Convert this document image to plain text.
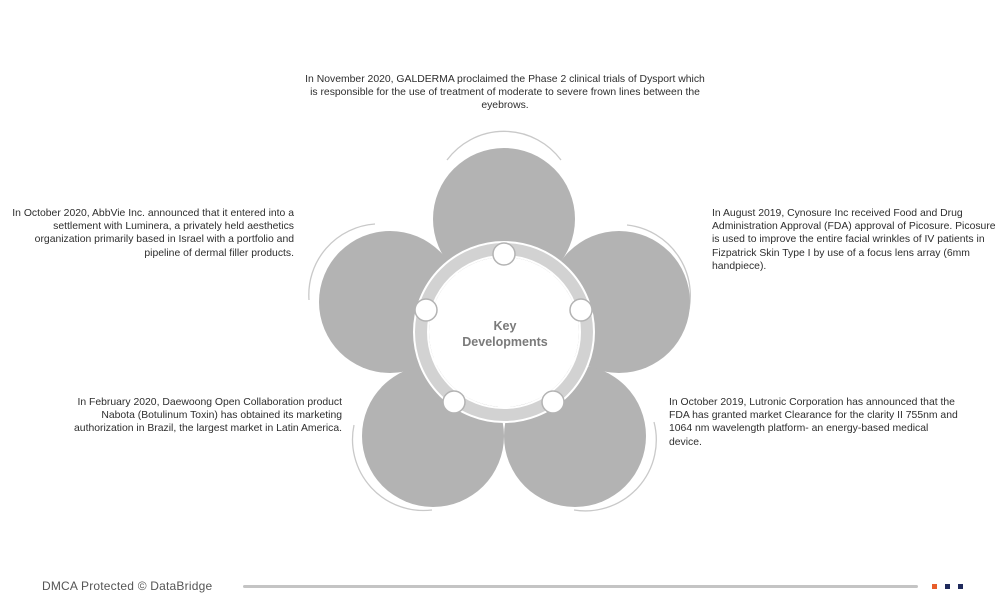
Key
Developments

In November 2020, GALDERMA proclaimed the Phase 2 clinical trials of Dysport which is responsible for the use of treatment of moderate to severe frown lines between the eyebrows.

In August 2019, Cynosure Inc received Food and Drug Administration Approval (FDA) approval of Picosure. Picosure is used to improve the entire facial wrinkles of IV patients in Fizpatrick Skin Type I by use of a focus lens array (6mm handpiece).

In October 2019, Lutronic Corporation has announced that the FDA has granted market Clearance for the clarity II 755nm and 1064 nm wavelength platform- an energy-based medical device.

In February 2020, Daewoong Open Collaboration product Nabota (Botulinum Toxin) has obtained its marketing authorization in Brazil, the largest market in Latin America.

In October 2020, AbbVie Inc. announced that it entered into a settlement with Luminera, a privately held aesthetics organization primarily based in Israel with a portfolio and pipeline of dermal filler products.

DMCA Protected © DataBridge
